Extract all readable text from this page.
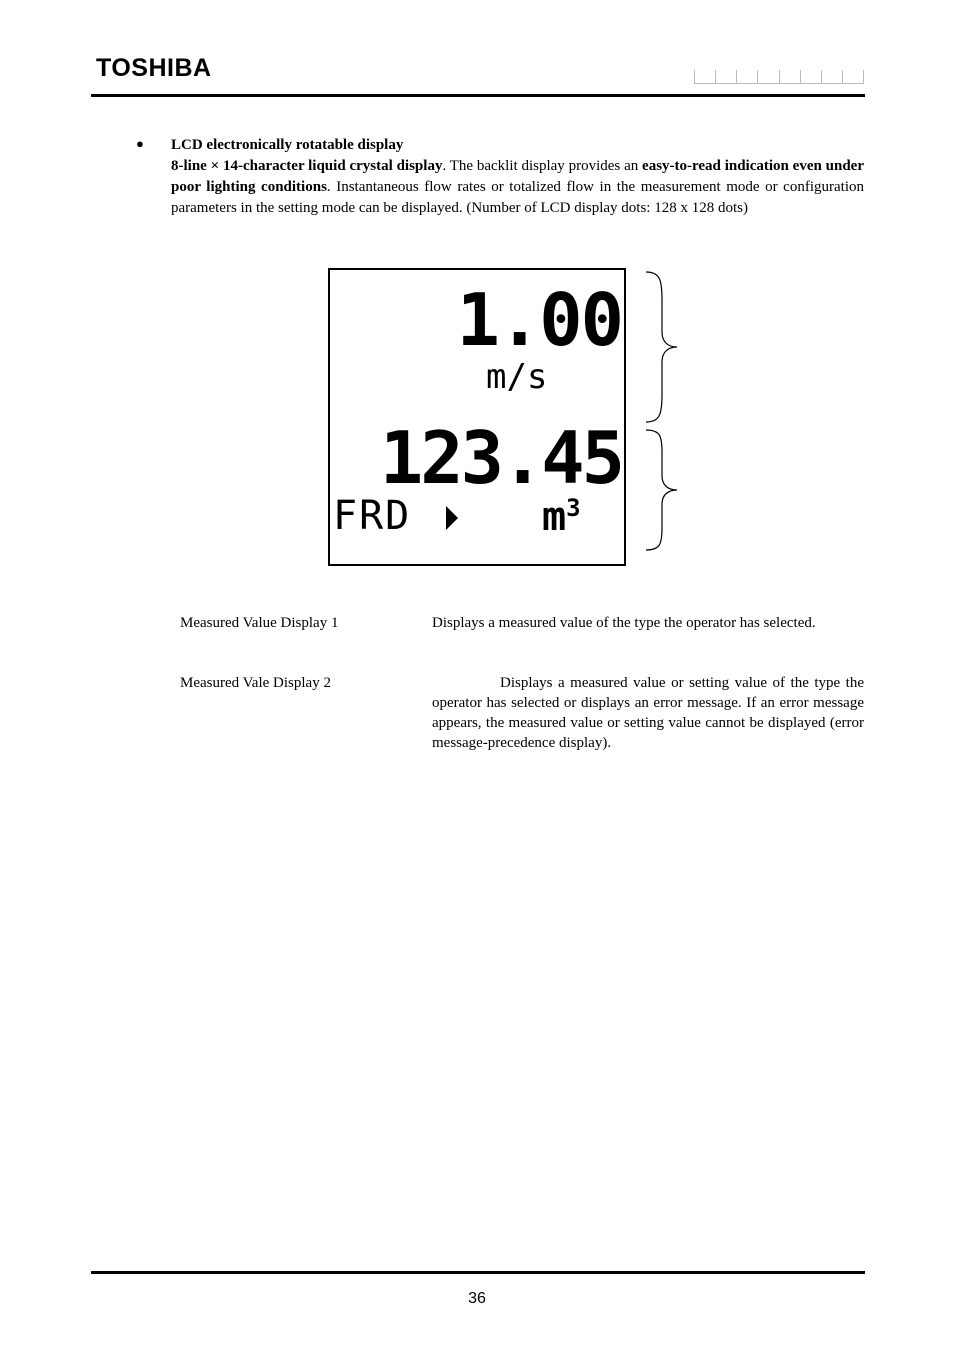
TOSHIBA
● LCD electronically rotatable display

8-line × 14-character liquid crystal display. The backlit display provides an easy-to-read indication even under poor lighting conditions. Instantaneous flow rates or totalized flow in the measurement mode or configuration parameters in the setting mode can be displayed. (Number of LCD display dots: 128 x 128 dots)

1.00
m/s
123.45
FRD	$m^3$
Measured Value Display 1	Displays a measured value of the type the operator has selected.
Measured Vale Display 2	Displays a measured value or setting value of the type the operator has selected or displays an error message. If an error message appears, the measured value or setting value cannot be displayed (error message-precedence display).
36
